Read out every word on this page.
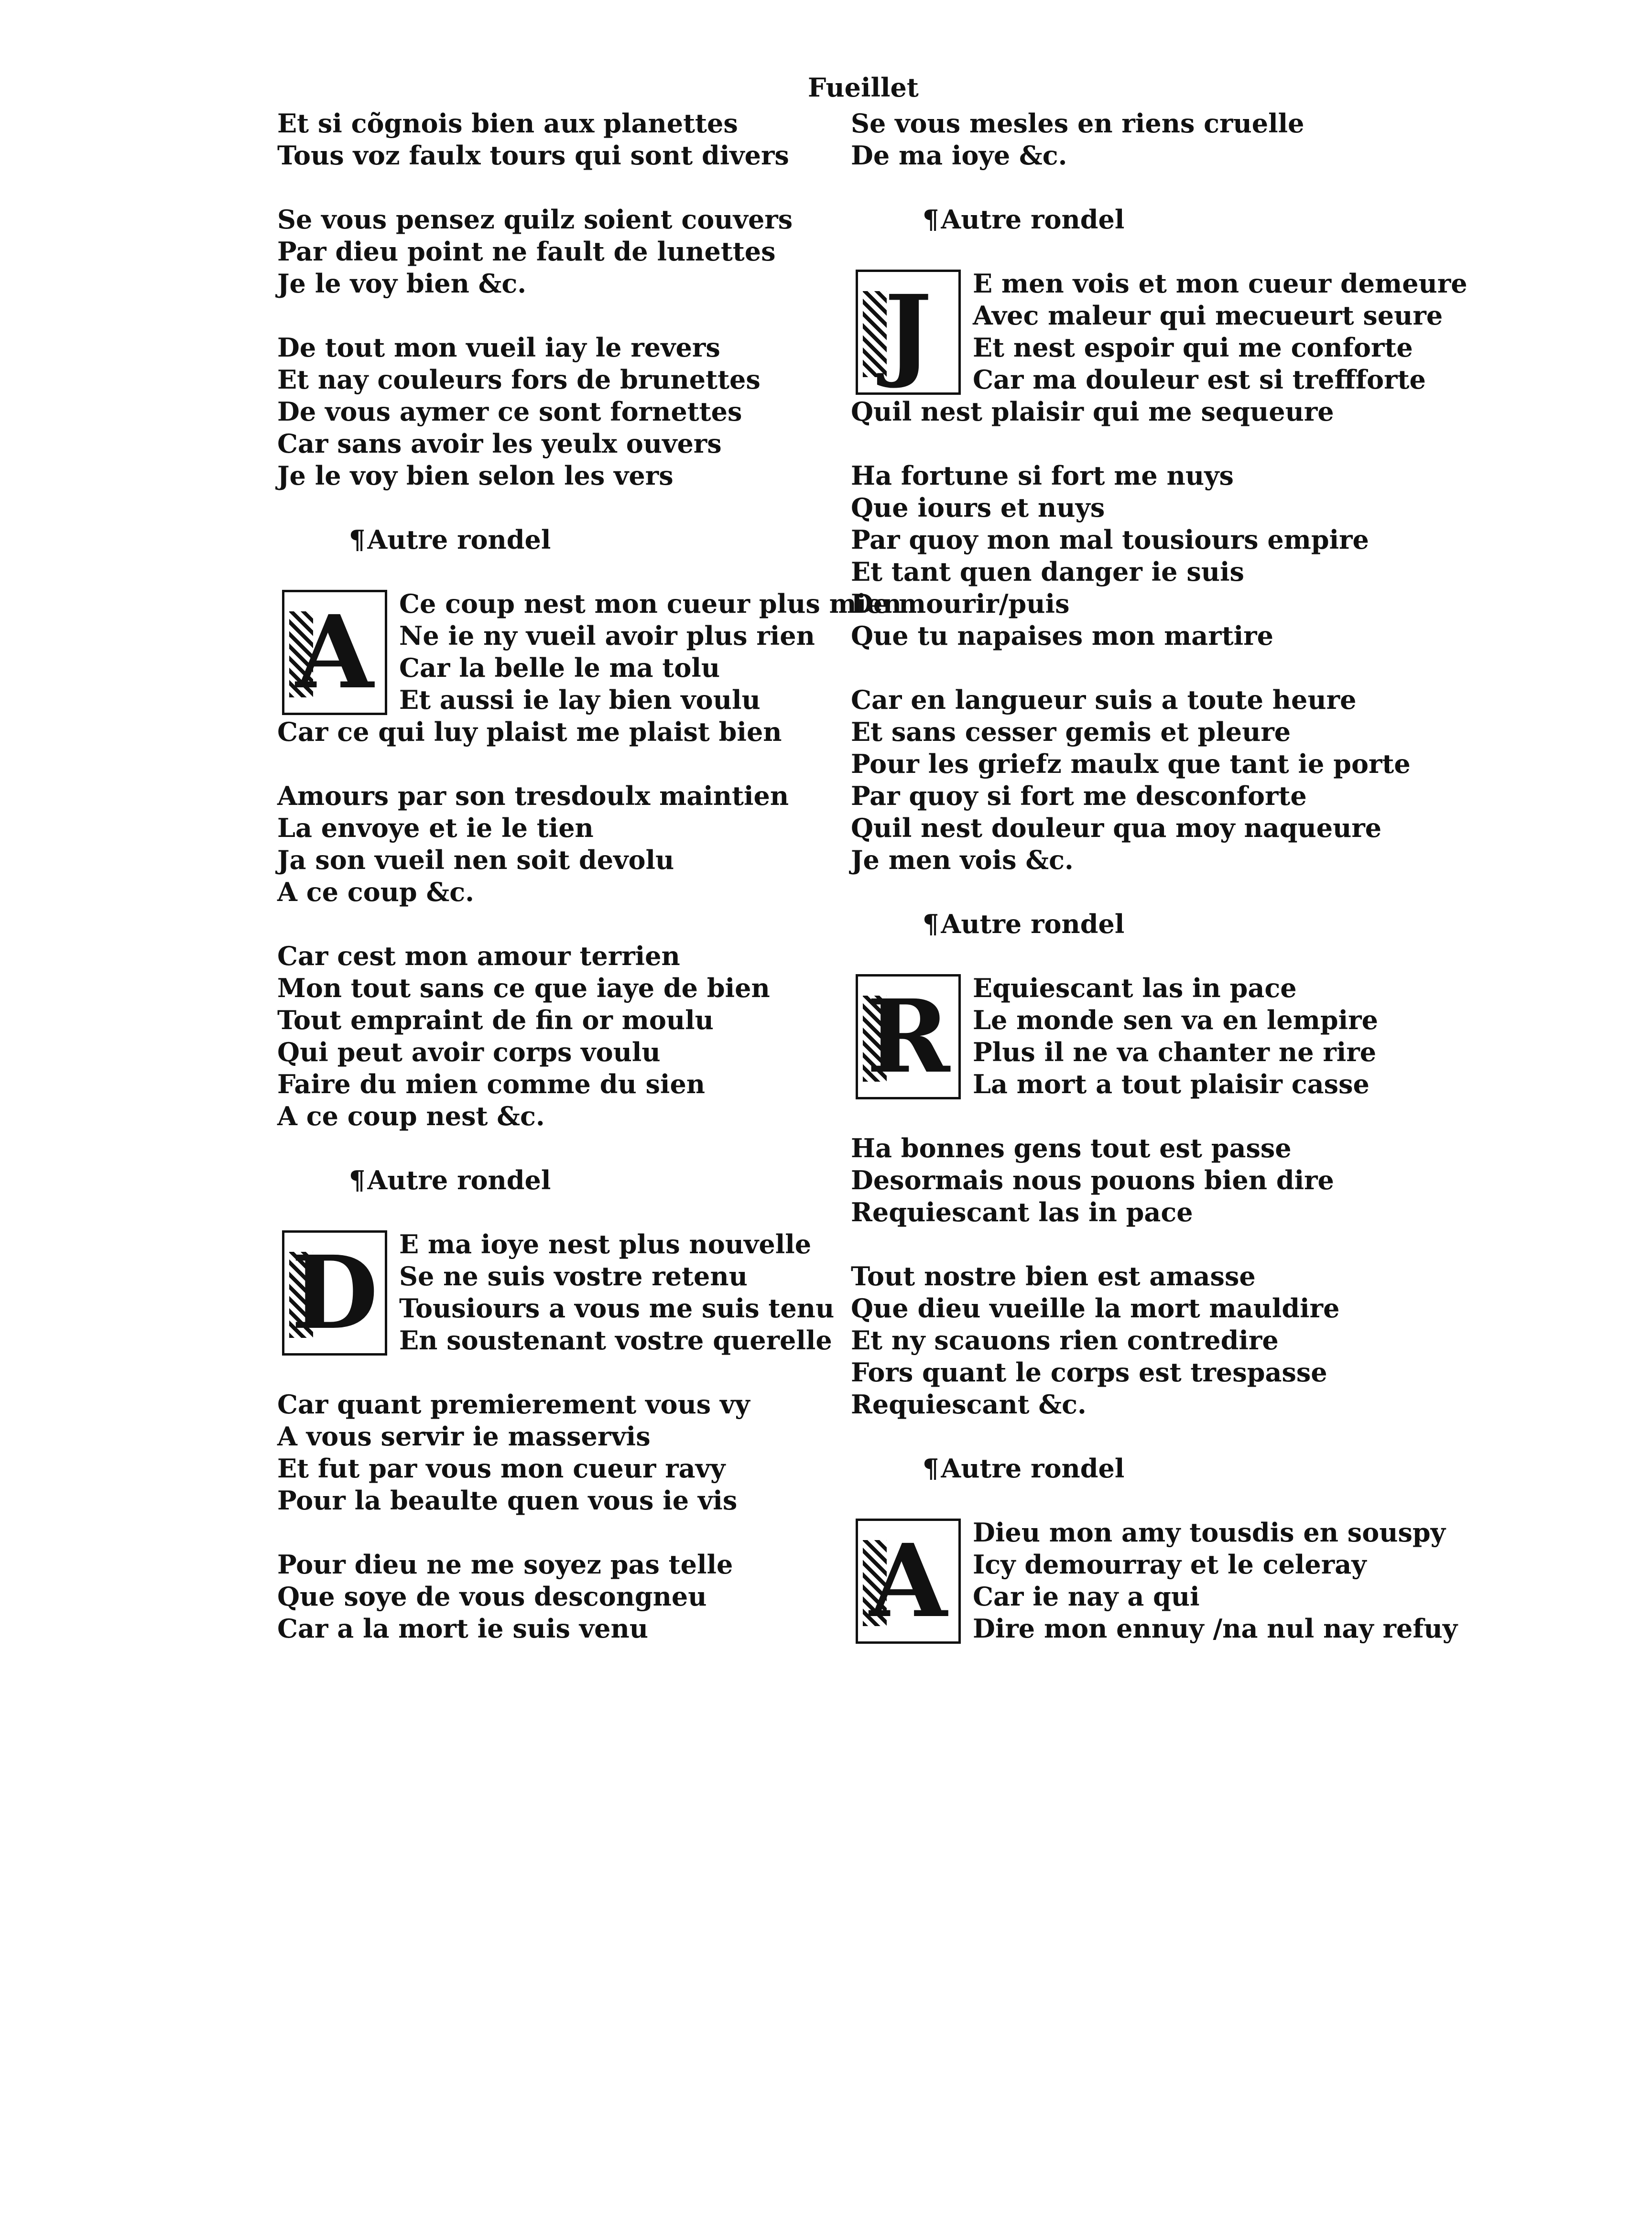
Fueillet
Et si cõgnois bien aux planettes
Tous voz faulx tours qui sont divers
Se vous pensez quilz soient couvers
Par dieu point ne fault de lunettes
Je le voy bien &c.
De tout mon vueil iay le revers
Et nay couleurs fors de brunettes
De vous aymer ce sont fornettes
Car sans avoir les yeulx ouvers
Je le voy bien selon les vers
¶Autre rondel
A Ce coup nest mon cueur plus mien
Ne ie ny vueil avoir plus rien
Car la belle le ma tolu
Et aussi ie lay bien voulu
Car ce qui luy plaist me plaist bien
Amours par son tresdoulx maintien
La envoye et ie le tien
Ja son vueil nen soit devolu
A ce coup &c.
Car cest mon amour terrien
Mon tout sans ce que iaye de bien
Tout empraint de fin or moulu
Qui peut avoir corps voulu
Faire du mien comme du sien
A ce coup nest &c.
¶Autre rondel
D E ma ioye nest plus nouvelle
Se ne suis vostre retenu
Tousiours a vous me suis tenu
En soustenant vostre querelle
Car quant premierement vous vy
A vous servir ie masservis
Et fut par vous mon cueur ravy
Pour la beaulte quen vous ie vis
Pour dieu ne me soyez pas telle
Que soye de vous descongneu
Car a la mort ie suis venu
Se vous mesles en riens cruelle
De ma ioye &c.
¶Autre rondel
J	E men vois et mon cueur demeure
Avec maleur qui mecueurt seure
Et nest espoir qui me conforte
Car ma douleur est si treffforte
Quil nest plaisir qui me sequeure
Ha fortune si fort me nuys
Que iours et nuys
Par quoy mon mal tousiours empire
Et tant quen danger ie suis
De mourir/puis
Que tu napaises mon martire
Car en langueur suis a toute heure
Et sans cesser gemis et pleure
Pour les griefz maulx que tant ie porte
Par quoy si fort me desconforte
Quil nest douleur qua moy naqueure
Je men vois &c.
¶Autre rondel
R Equiescant las in pace
Le monde sen va en lempire
Plus il ne va chanter ne rire
La mort a tout plaisir casse
Ha bonnes gens tout est passe
Desormais nous pouons bien dire
Requiescant las in pace
Tout nostre bien est amasse
Que dieu vueille la mort mauldire
Et ny scauons rien contredire
Fors quant le corps est trespasse
Requiescant &c.
¶Autre rondel
A Dieu mon amy tousdis en souspy
Icy demourray et le celeray
Car ie nay a qui
Dire mon ennuy /na nul nay refuy
